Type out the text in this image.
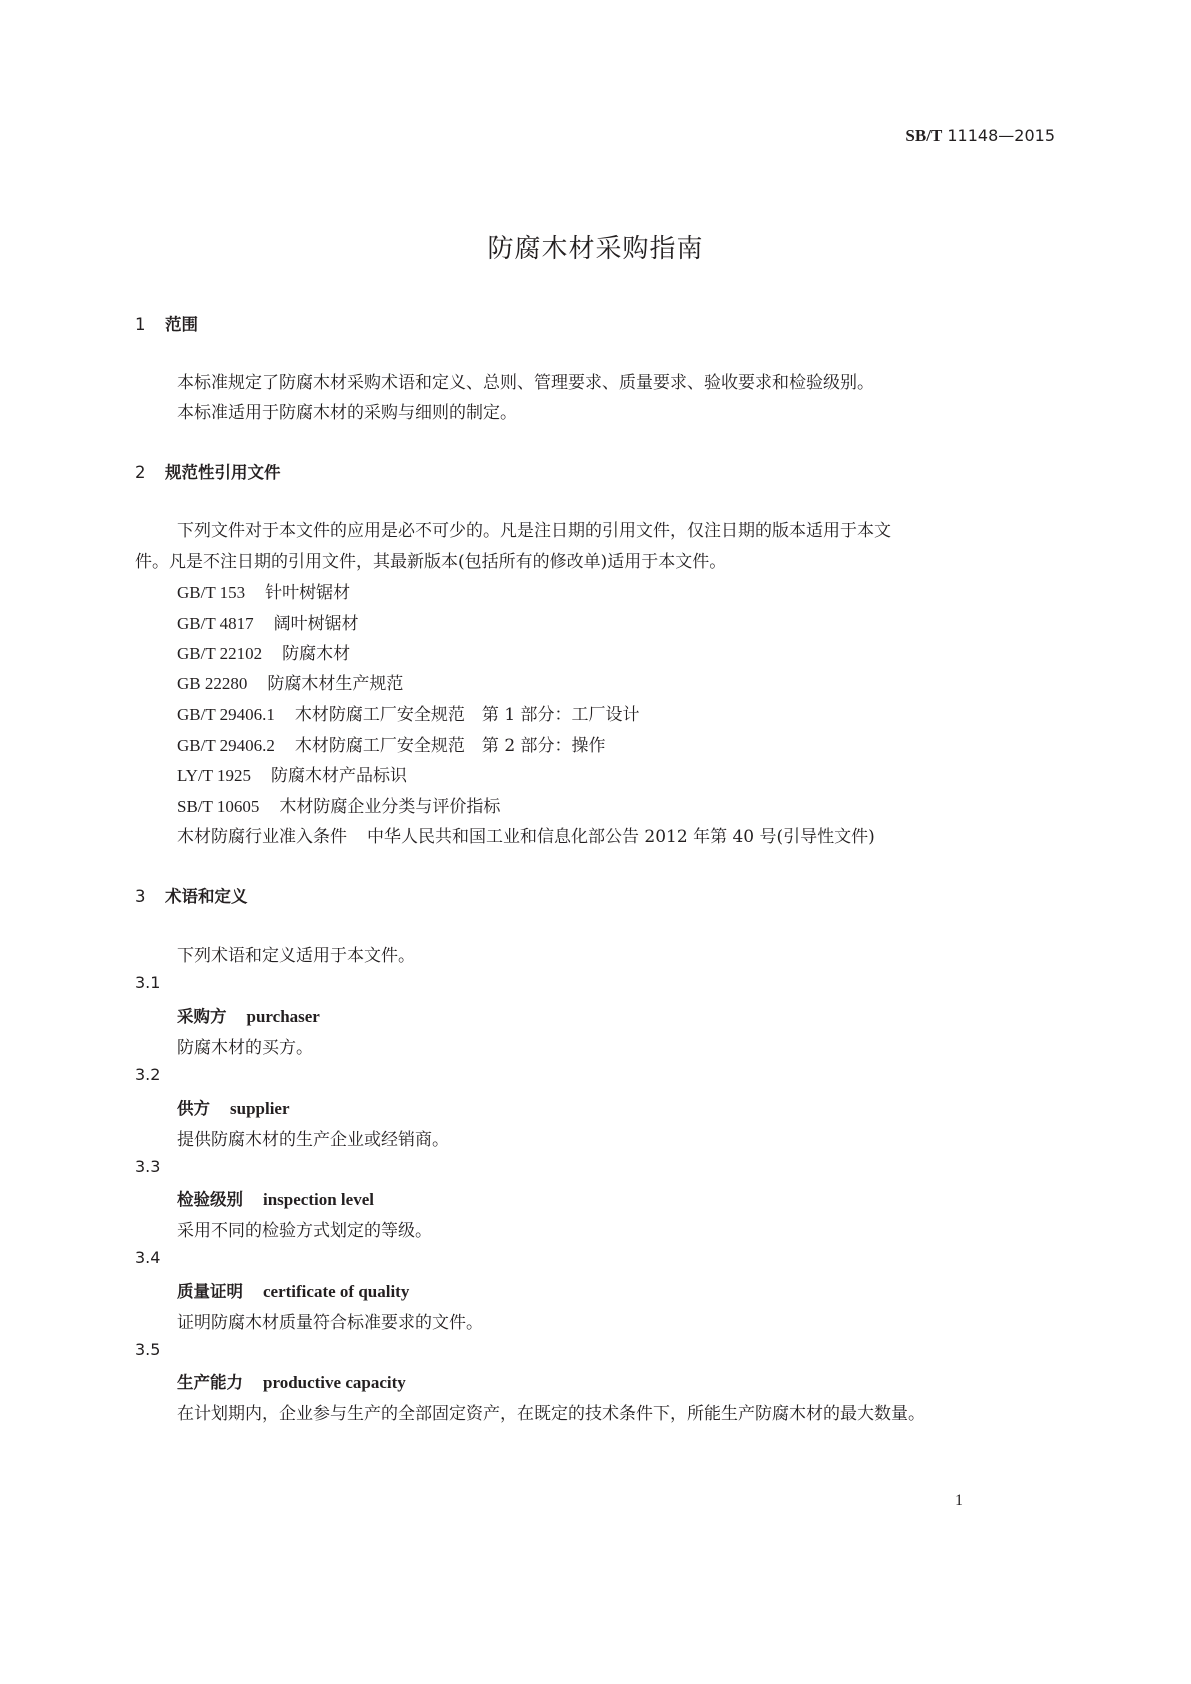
SB/T 11148—2015
防腐木材采购指南
1 范围
本标准规定了防腐木材采购术语和定义、总则、管理要求、质量要求、验收要求和检验级别。
本标准适用于防腐木材的采购与细则的制定。
2 规范性引用文件
下列文件对于本文件的应用是必不可少的。凡是注日期的引用文件，仅注日期的版本适用于本文
件。凡是不注日期的引用文件，其最新版本(包括所有的修改单)适用于本文件。
GB/T 153 针叶树锯材
GB/T 4817 阔叶树锯材
GB/T 22102 防腐木材
GB 22280 防腐木材生产规范
GB/T 29406.1 木材防腐工厂安全规范　第 1 部分：工厂设计
GB/T 29406.2 木材防腐工厂安全规范　第 2 部分：操作
LY/T 1925 防腐木材产品标识
SB/T 10605 木材防腐企业分类与评价指标
木材防腐行业准入条件 中华人民共和国工业和信息化部公告 2012 年第 40 号(引导性文件)
3 术语和定义
下列术语和定义适用于本文件。
3.1
采购方 purchaser
防腐木材的买方。
3.2
供方 supplier
提供防腐木材的生产企业或经销商。
3.3
检验级别 inspection level
采用不同的检验方式划定的等级。
3.4
质量证明 certificate of quality
证明防腐木材质量符合标准要求的文件。
3.5
生产能力 productive capacity
在计划期内，企业参与生产的全部固定资产，在既定的技术条件下，所能生产防腐木材的最大数量。
1
